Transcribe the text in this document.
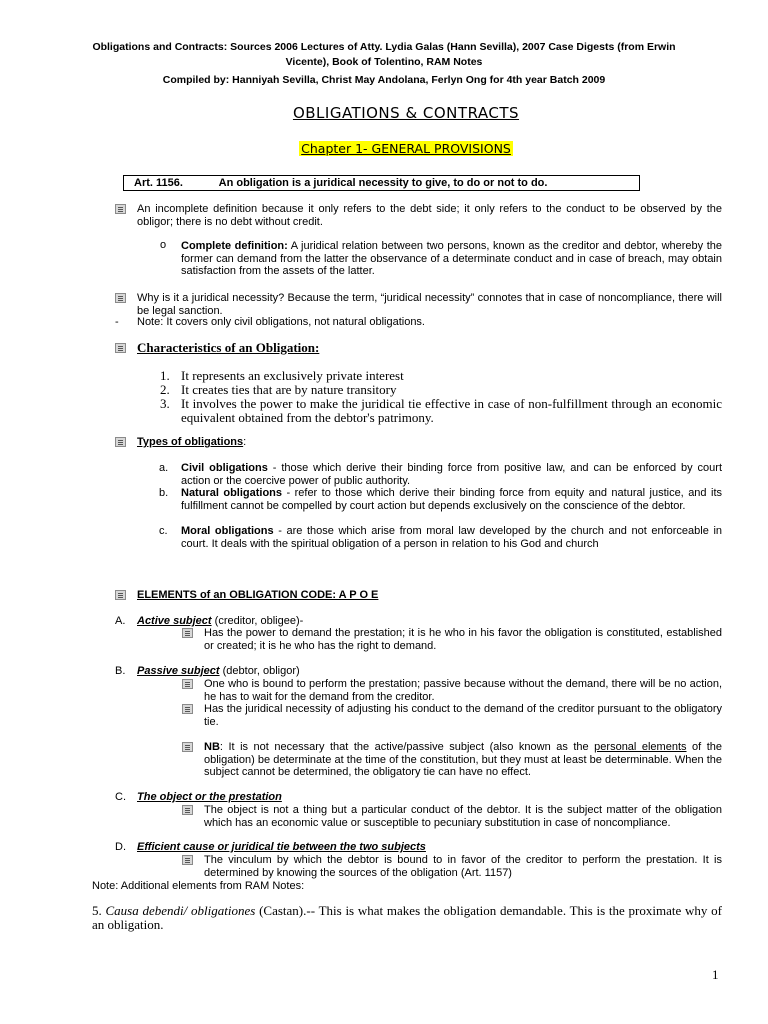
Obligations and Contracts: Sources 2006 Lectures of Atty. Lydia Galas (Hann Sevilla), 2007 Case Digests (from Erwin
Vicente), Book of Tolentino, RAM Notes
Compiled by: Hanniyah Sevilla, Christ May Andolana, Ferlyn Ong for 4th year Batch 2009
OBLIGATIONS & CONTRACTS
Chapter 1- GENERAL PROVISIONS
Art. 1156.	An obligation is a juridical necessity to give, to do or not to do.
An incomplete definition because it only refers to the debt side; it only refers to the conduct to be observed by the obligor; there is no debt without credit.
o Complete definition: A juridical relation between two persons, known as the creditor and debtor, whereby the former can demand from the latter the observance of a determinate conduct and in case of breach, may obtain satisfaction from the assets of the latter.
Why is it a juridical necessity? Because the term, “juridical necessity” connotes that in case of noncompliance, there will be legal sanction.
- Note: It covers only civil obligations, not natural obligations.
Characteristics of an Obligation:
1. It represents an exclusively private interest
2. It creates ties that are by nature transitory
3. It involves the power to make the juridical tie effective in case of non-fulfillment through an economic equivalent obtained from the debtor's patrimony.
Types of obligations:
a. Civil obligations - those which derive their binding force from positive law, and can be enforced by court action or the coercive power of public authority.
b. Natural obligations - refer to those which derive their binding force from equity and natural justice, and its fulfillment cannot be compelled by court action but depends exclusively on the conscience of the debtor.
c. Moral obligations - are those which arise from moral law developed by the church and not enforceable in court. It deals with the spiritual obligation of a person in relation to his God and church
ELEMENTS of an OBLIGATION CODE: A P O E
A. Active subject (creditor, obligee)-
Has the power to demand the prestation; it is he who in his favor the obligation is constituted, established or created; it is he who has the right to demand.
B. Passive subject (debtor, obligor)
One who is bound to perform the prestation; passive because without the demand, there will be no action, he has to wait for the demand from the creditor.
Has the juridical necessity of adjusting his conduct to the demand of the creditor pursuant to the obligatory tie.
NB: It is not necessary that the active/passive subject (also known as the personal elements of the obligation) be determinate at the time of the constitution, but they must at least be determinable. When the subject cannot be determined, the obligatory tie can have no effect.
C. The object or the prestation
The object is not a thing but a particular conduct of the debtor. It is the subject matter of the obligation which has an economic value or susceptible to pecuniary substitution in case of noncompliance.
D. Efficient cause or juridical tie between the two subjects
The vinculum by which the debtor is bound to in favor of the creditor to perform the prestation. It is determined by knowing the sources of the obligation (Art. 1157)
Note: Additional elements from RAM Notes:
5. Causa debendi/ obligationes (Castan).-- This is what makes the obligation demandable. This is the proximate why of an obligation.
1
